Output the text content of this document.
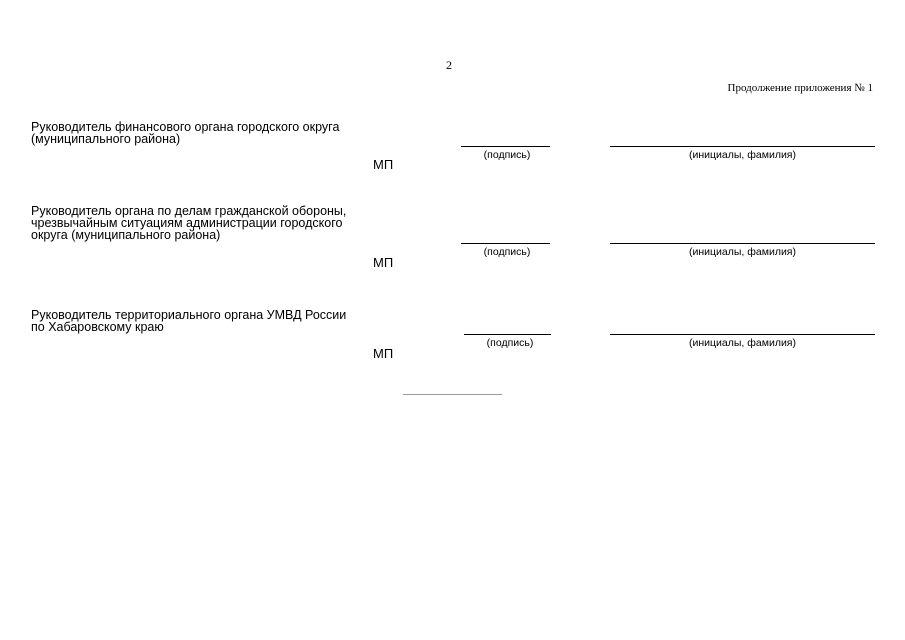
2
Продолжение приложения № 1
Руководитель финансового органа городского округа
(муниципального района)
(подпись)	(инициалы, фамилия)
МП
Руководитель органа по делам гражданской обороны,
чрезвычайным ситуациям администрации городского
округа (муниципального района)
(подпись)	(инициалы, фамилия)
МП
Руководитель территориального органа УМВД России
по Хабаровскому краю
(подпись)	(инициалы, фамилия)
МП
